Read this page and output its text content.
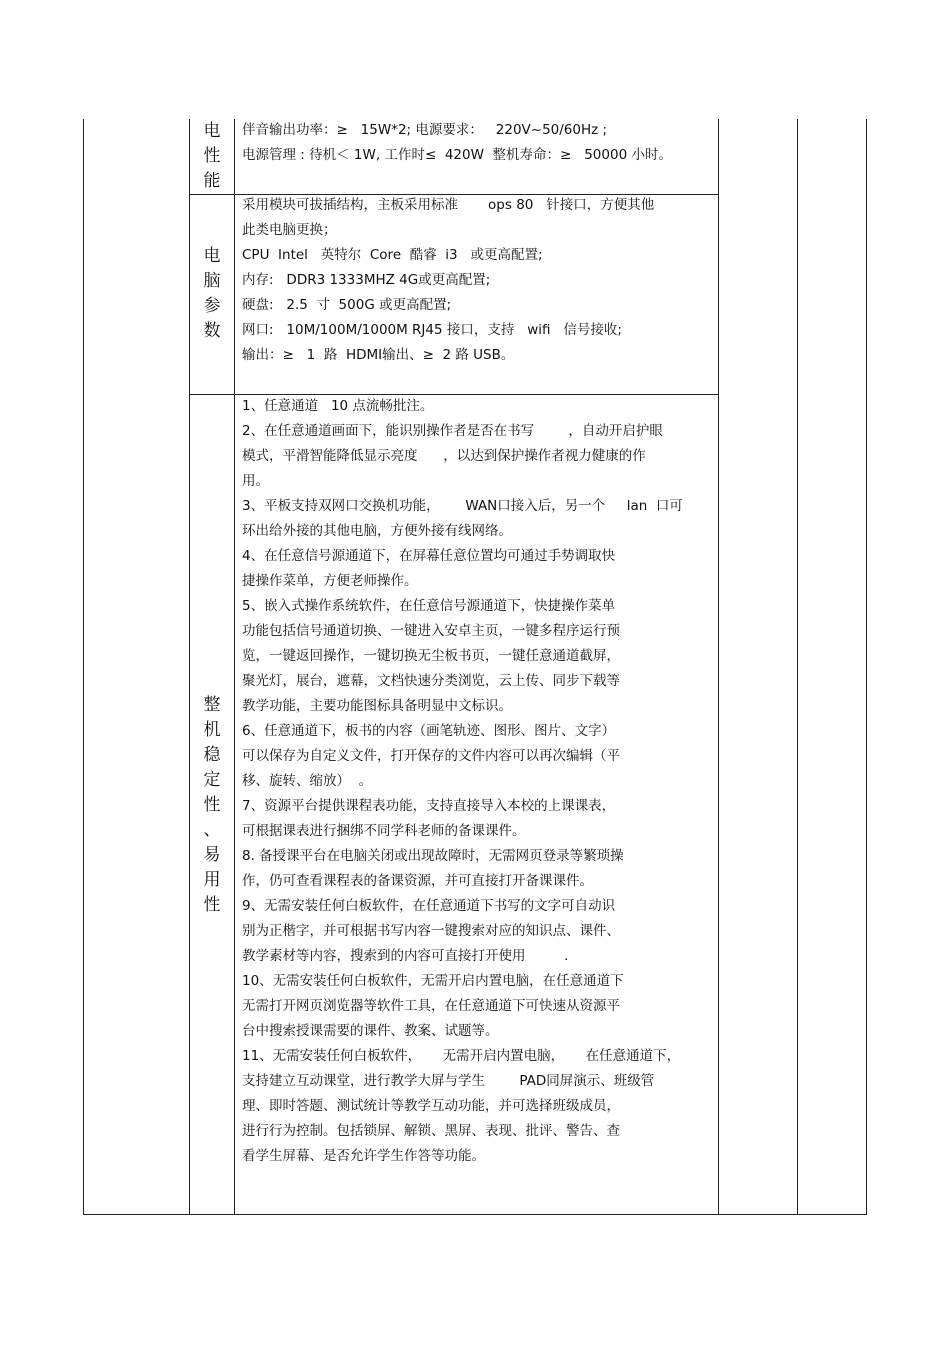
电
性
能
伴音输出功率：≥   15W*2; 电源要求：   220V~50/60Hz ;
电源管理 : 待机＜ 1W, 工作时≤  420W  整机寿命：≥   50000 小时。
电
脑
参
数
采用模块可拔插结构，主板采用标准       ops 80   针接口，方便其他
此类电脑更换；
CPU  Intel   英特尔  Core  酷睿  i3   或更高配置;
内存:   DDR3 1333MHZ 4G或更高配置;
硬盘:   2.5  寸  500G 或更高配置;
网口:   10M/100M/1000M RJ45 接口，支持   wifi   信号接收;
输出：≥   1  路  HDMI输出、≥  2 路 USB。
整
机
稳
定
性
、
易
用
性
1、任意通道   10 点流畅批注。
2、在任意通道画面下，能识别操作者是否在书写        ，自动开启护眼
模式，平滑智能降低显示亮度      ，以达到保护操作者视力健康的作
用。
3、平板支持双网口交换机功能，      WAN口接入后，另一个     lan  口可
环出给外接的其他电脑，方便外接有线网络。
4、在任意信号源通道下，在屏幕任意位置均可通过手势调取快
捷操作菜单，方便老师操作。
5、嵌入式操作系统软件，在任意信号源通道下，快捷操作菜单
功能包括信号通道切换、一键进入安卓主页，一键多程序运行预
览，一键返回操作，一键切换无尘板书页，一键任意通道截屏，
聚光灯，展台，遮幕，文档快速分类浏览，云上传、同步下载等
教学功能，主要功能图标具备明显中文标识。
6、任意通道下，板书的内容（画笔轨迹、图形、图片、文字）
可以保存为自定义文件，打开保存的文件内容可以再次编辑（平
移、旋转、缩放）  。
7、资源平台提供课程表功能，支持直接导入本校的上课课表，
可根据课表进行捆绑不同学科老师的备课课件。
8. 备授课平台在电脑关闭或出现故障时，无需网页登录等繁琐操
作，仍可查看课程表的备课资源，并可直接打开备课课件。
9、无需安装任何白板软件，在任意通道下书写的文字可自动识
别为正楷字，并可根据书写内容一键搜索对应的知识点、课件、
教学素材等内容，搜索到的内容可直接打开使用         .
10、无需安装任何白板软件，无需开启内置电脑，在任意通道下
无需打开网页浏览器等软件工具，在任意通道下可快速从资源平
台中搜索授课需要的课件、教案、试题等。
11、无需安装任何白板软件，     无需开启内置电脑，     在任意通道下，
支持建立互动课堂，进行教学大屏与学生        PAD同屏演示、班级管
理、即时答题、测试统计等教学互动功能，并可选择班级成员，
进行行为控制。包括锁屏、解锁、黑屏、表现、批评、警告、查
看学生屏幕、是否允许学生作答等功能。
